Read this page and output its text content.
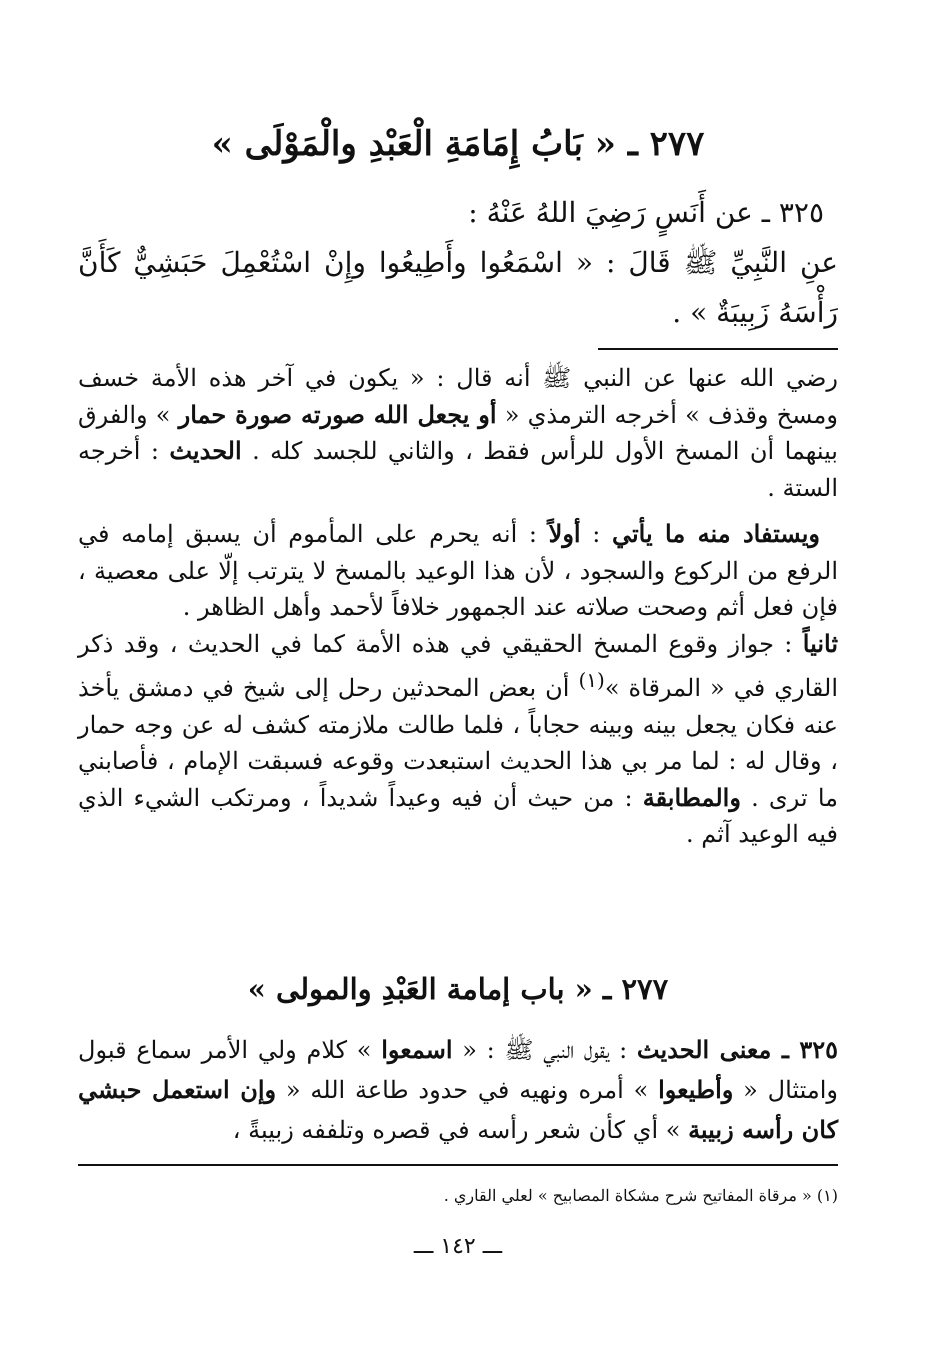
٢٧٧ ـ « بَابُ إِمَامَةِ الْعَبْدِ والْمَوْلَى »

٣٢٥ ـ عن أَنَسٍ رَضِيَ اللهُ عَنْهُ :

عنِ النَّبِيِّ ﷺ قَالَ : « اسْمَعُوا وأَطِيعُوا وإِنْ اسْتُعْمِلَ حَبَشِيٌّ كَأَنَّ رَأْسَهُ زَبِيبَةٌ » .

رضي الله عنها عن النبي ﷺ أنه قال : « يكون في آخر هذه الأمة خسف ومسخ وقذف » أخرجه الترمذي « أو يجعل الله صورته صورة حمار » والفرق بينهما أن المسخ الأول للرأس فقط ، والثاني للجسد كله . الحديث : أخرجه الستة .

ويستفاد منه ما يأتي : أولاً : أنه يحرم على المأموم أن يسبق إمامه في الرفع من الركوع والسجود ، لأن هذا الوعيد بالمسخ لا يترتب إلّا على معصية ، فإن فعل أثم وصحت صلاته عند الجمهور خلافاً لأحمد وأهل الظاهر .

ثانياً : جواز وقوع المسخ الحقيقي في هذه الأمة كما في الحديث ، وقد ذكر القاري في « المرقاة »$^{(١)}$ أن بعض المحدثين رحل إلى شيخ في دمشق يأخذ عنه فكان يجعل بينه وبينه حجاباً ، فلما طالت ملازمته كشف له عن وجه حمار ، وقال له : لما مر بي هذا الحديث استبعدت وقوعه فسبقت الإمام ، فأصابني ما ترى . والمطابقة : من حيث أن فيه وعيداً شديداً ، ومرتكب الشيء الذي فيه الوعيد آثم .

٢٧٧ ـ « باب إمامة العَبْدِ والمولى »

٣٢٥ ـ معنى الحديث : يقول النبي ﷺ : « اسمعوا » كلام ولي الأمر سماع قبول وامتثال « وأطيعوا » أمره ونهيه في حدود طاعة الله « وإن استعمل حبشي كان رأسه زبيبة » أي كأن شعر رأسه في قصره وتلففه زبيبةً ،

(١) « مرقاة المفاتيح شرح مشكاة المصابيح » لعلي القاري .
ـــ ١٤٢ ـــ
